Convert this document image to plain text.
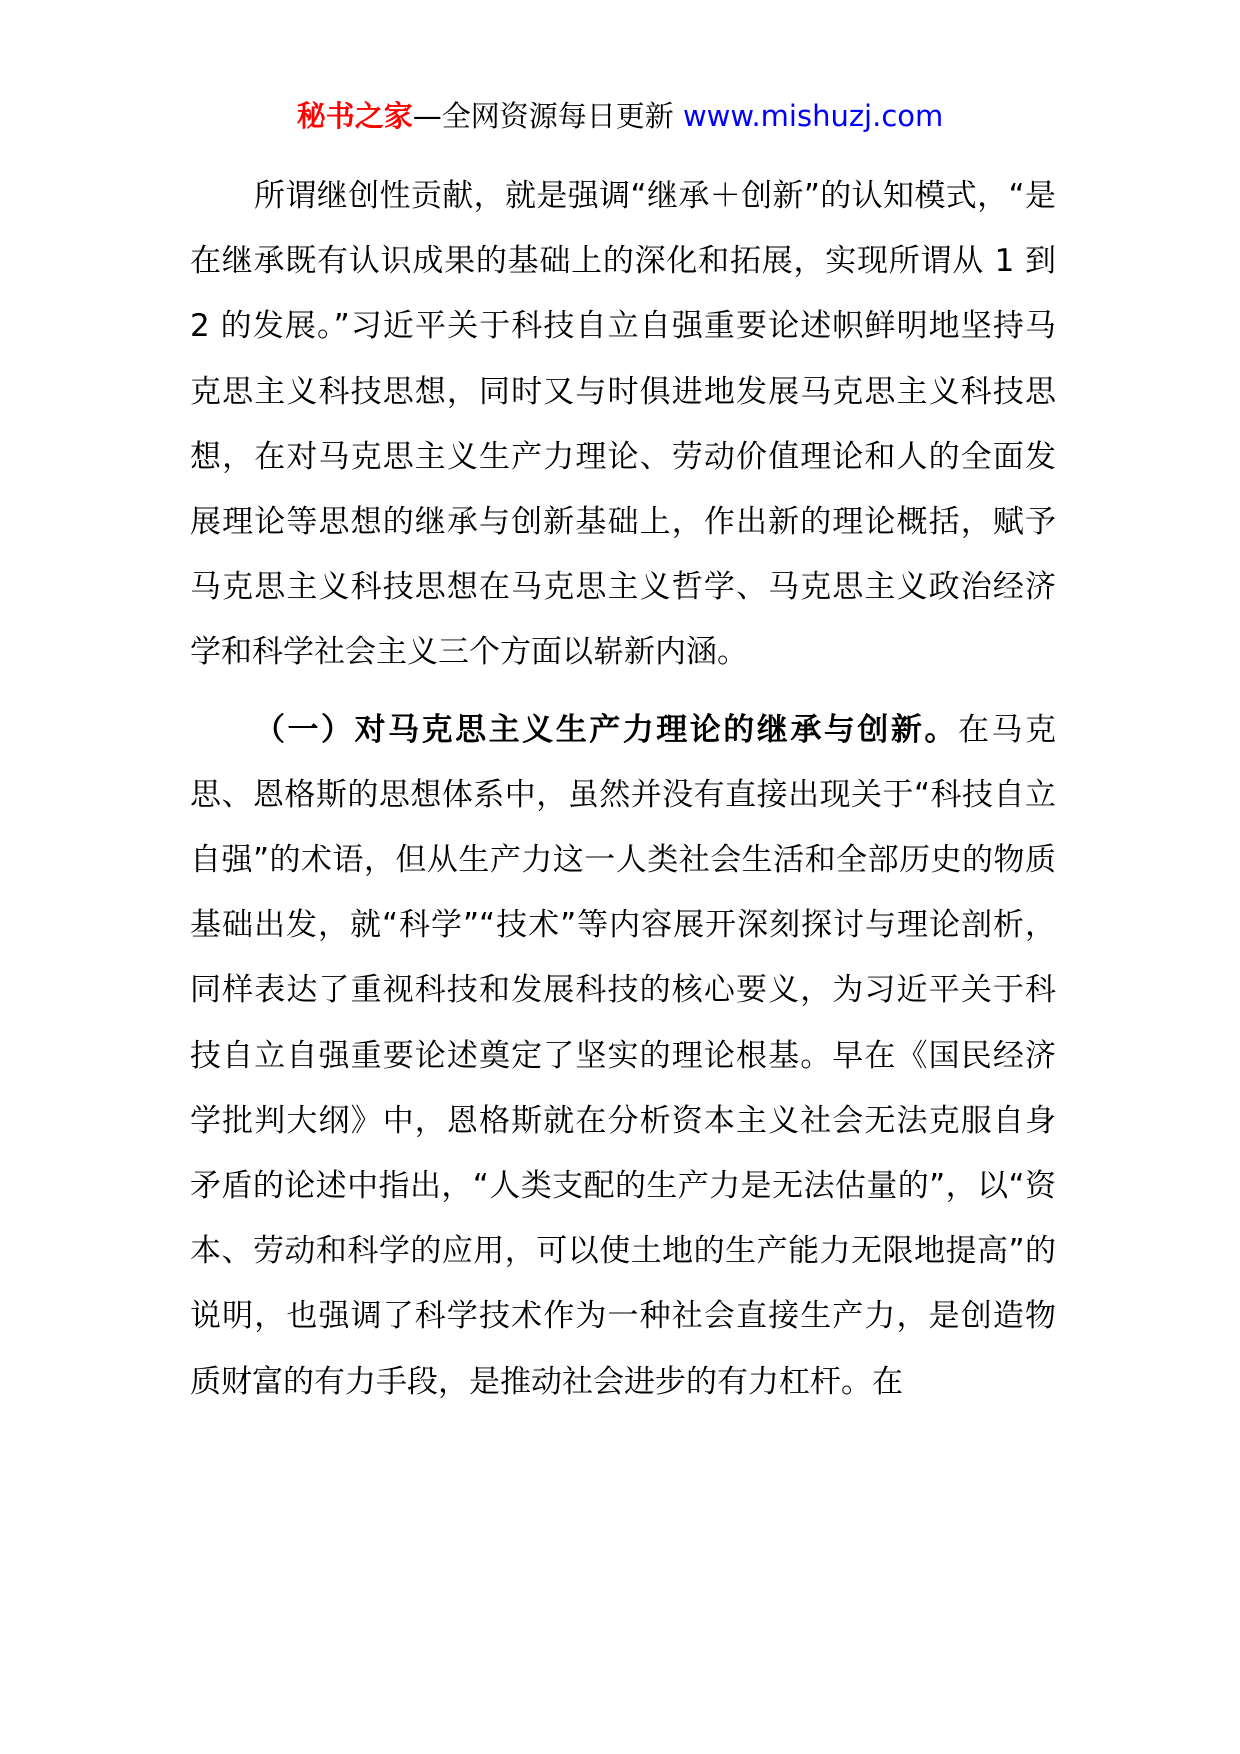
秘书之家—全网资源每日更新 www.mishuzj.com

所谓继创性贡献，就是强调“继承＋创新”的认知模式，“是在继承既有认识成果的基础上的深化和拓展，实现所谓从 1 到 2 的发展。”习近平关于科技自立自强重要论述帜鲜明地坚持马克思主义科技思想，同时又与时俱进地发展马克思主义科技思想，在对马克思主义生产力理论、劳动价值理论和人的全面发展理论等思想的继承与创新基础上，作出新的理论概括，赋予马克思主义科技思想在马克思主义哲学、马克思主义政治经济学和科学社会主义三个方面以崭新内涵。

（一）对马克思主义生产力理论的继承与创新。在马克思、恩格斯的思想体系中，虽然并没有直接出现关于“科技自立自强”的术语，但从生产力这一人类社会生活和全部历史的物质基础出发，就“科学”“技术”等内容展开深刻探讨与理论剖析，同样表达了重视科技和发展科技的核心要义，为习近平关于科技自立自强重要论述奠定了坚实的理论根基。早在《国民经济学批判大纲》中，恩格斯就在分析资本主义社会无法克服自身矛盾的论述中指出，“人类支配的生产力是无法估量的”，以“资本、劳动和科学的应用，可以使土地的生产能力无限地提高”的说明，也强调了科学技术作为一种社会直接生产力，是创造物质财富的有力手段，是推动社会进步的有力杠杆。在
